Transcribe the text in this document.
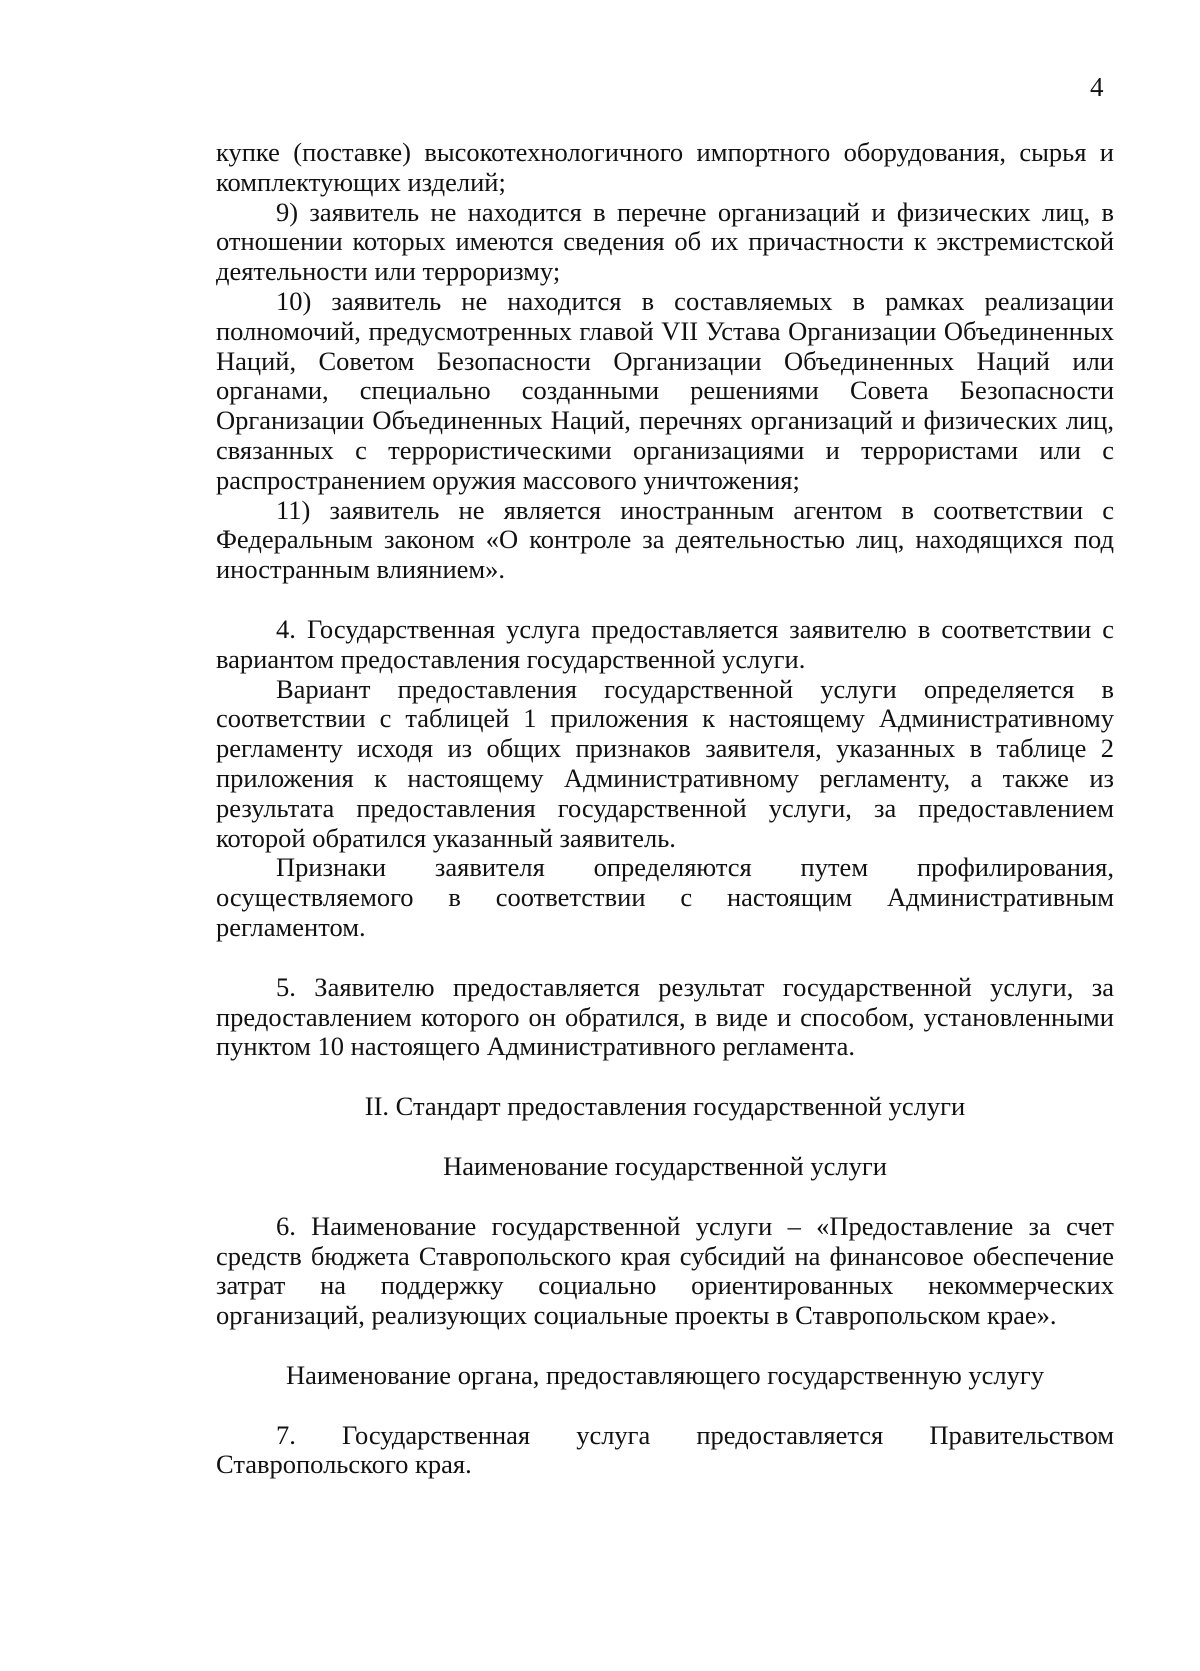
4

купке (поставке) высокотехнологичного импортного оборудования, сырья и комплектующих изделий;

9) заявитель не находится в перечне организаций и физических лиц, в отношении которых имеются сведения об их причастности к экстремистской деятельности или терроризму;

10) заявитель не находится в составляемых в рамках реализации полномочий, предусмотренных главой VII Устава Организации Объединенных Наций, Советом Безопасности Организации Объединенных Наций или органами, специально созданными решениями Совета Безопасности Организации Объединенных Наций, перечнях организаций и физических лиц, связанных с террористическими организациями и террористами или с распространением оружия массового уничтожения;

11) заявитель не является иностранным агентом в соответствии с Федеральным законом «О контроле за деятельностью лиц, находящихся под иностранным влиянием».

4. Государственная услуга предоставляется заявителю в соответствии с вариантом предоставления государственной услуги.

Вариант предоставления государственной услуги определяется в соответствии с таблицей 1 приложения к настоящему Административному регламенту исходя из общих признаков заявителя, указанных в таблице 2 приложения к настоящему Административному регламенту, а также из результата предоставления государственной услуги, за предоставлением которой обратился указанный заявитель.

Признаки заявителя определяются путем профилирования, осуществляемого в соответствии с настоящим Административным регламентом.

5. Заявителю предоставляется результат государственной услуги, за предоставлением которого он обратился, в виде и способом, установленными пунктом 10 настоящего Административного регламента.

II. Стандарт предоставления государственной услуги
Наименование государственной услуги

6. Наименование государственной услуги – «Предоставление за счет средств бюджета Ставропольского края субсидий на финансовое обеспечение затрат на поддержку социально ориентированных некоммерческих организаций, реализующих социальные проекты в Ставропольском крае».

Наименование органа, предоставляющего государственную услугу

7. Государственная услуга предоставляется Правительством Ставропольского края.
